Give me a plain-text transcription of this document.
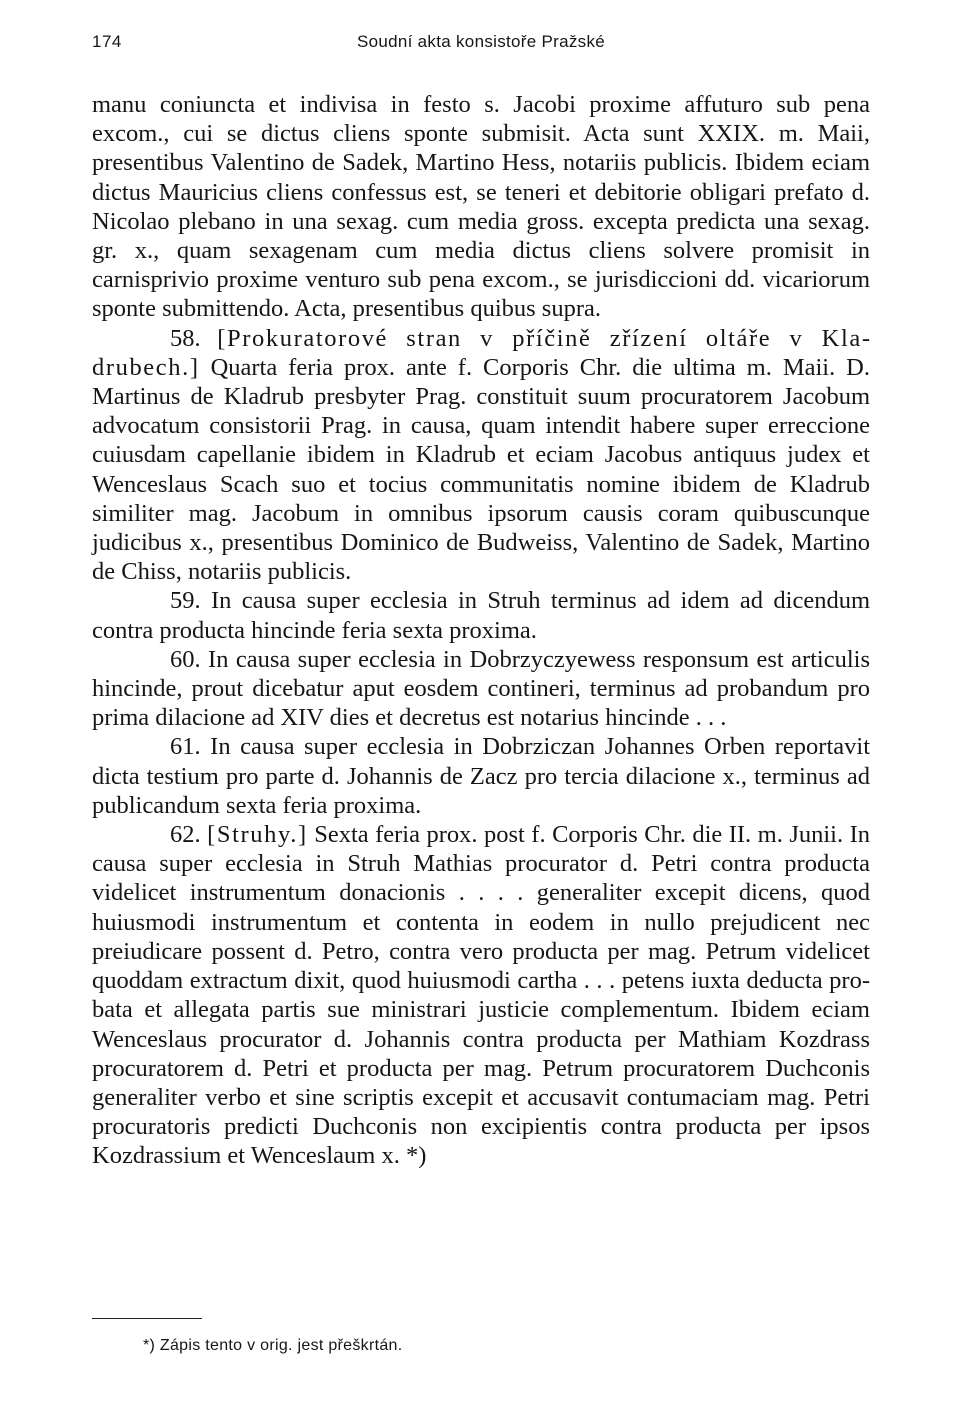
174	Soudní akta konsistoře Pražské

manu coniuncta et indivisa in festo s. Jacobi proxime affuturo sub pena excom., cui se dictus cliens sponte submisit. Acta sunt XXIX. m. Maii, presentibus Valentino de Sadek, Martino Hess, notariis publicis. Ibidem eciam dictus Mauricius cliens confessus est, se teneri et debitorie obligari prefato d. Nicolao plebano in una sexag. cum media gross. excepta predicta una sexag. gr. x., quam sexagenam cum media dictus cliens solvere promisit in carnisprivio proxime venturo sub pena excom., se jurisdiccioni dd. vicariorum sponte submittendo. Acta, presentibus quibus supra.

58. [Prokuratorové stran v příčině zřízení oltáře v Kladrubech.] Quarta feria prox. ante f. Corporis Chr. die ultima m. Maii. D. Martinus de Kladrub presbyter Prag. constituit suum procuratorem Jacobum advocatum consistorii Prag. in causa, quam intendit habere super erreccione cuiusdam capellanie ibidem in Kladrub et eciam Jacobus antiquus judex et Wenceslaus Scach suo et tocius communitatis nomine ibidem de Kladrub similiter mag. Jacobum in omnibus ipsorum causis coram quibuscunque judicibus x., presentibus Dominico de Budweiss, Valentino de Sadek, Martino de Chiss, notariis publicis.

59. In causa super ecclesia in Struh terminus ad idem ad dicendum contra producta hincinde feria sexta proxima.

60. In causa super ecclesia in Dobrzyczyewess responsum est articulis hincinde, prout dicebatur aput eosdem contineri, terminus ad probandum pro prima dilacione ad XIV dies et decretus est notarius hincinde . . .

61. In causa super ecclesia in Dobrziczan Johannes Orben reportavit dicta testium pro parte d. Johannis de Zacz pro tercia dilacione x., terminus ad publicandum sexta feria proxima.

62. [Struhy.] Sexta feria prox. post f. Corporis Chr. die II. m. Junii. In causa super ecclesia in Struh Mathias procurator d. Petri contra producta videlicet instrumentum donacionis . . . . generaliter excepit dicens, quod huiusmodi instrumentum et contenta in eodem in nullo prejudicent nec preiudicare possent d. Petro, contra vero producta per mag. Petrum videlicet quoddam extractum dixit, quod huiusmodi cartha . . . petens iuxta deducta probata et allegata partis sue ministrari justicie complementum. Ibidem eciam Wenceslaus procurator d. Johannis contra producta per Mathiam Kozdrass procuratorem d. Petri et producta per mag. Petrum procuratorem Duchconis generaliter verbo et sine scriptis excepit et accusavit contumaciam mag. Petri procuratoris predicti Duchconis non excipientis contra producta per ipsos Kozdrassium et Wenceslaum x. *)

*) Zápis tento v orig. jest přeškrtán.
